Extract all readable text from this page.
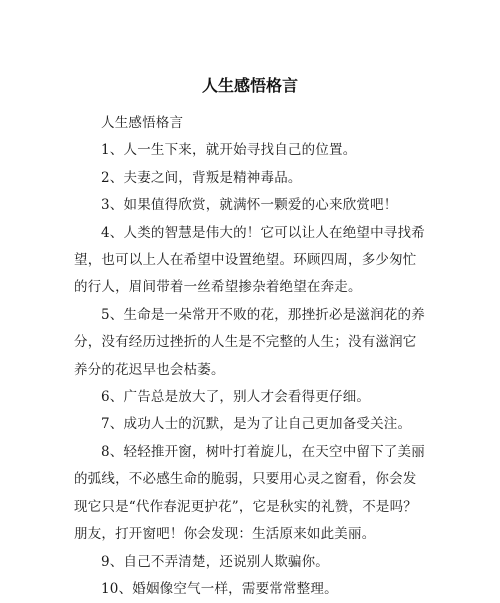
人生感悟格言

人生感悟格言

1、人一生下来，就开始寻找自己的位置。

2、夫妻之间，背叛是精神毒品。

3、如果值得欣赏，就满怀一颗爱的心来欣赏吧！

4、人类的智慧是伟大的！它可以让人在绝望中寻找希望，也可以上人在希望中设置绝望。环顾四周，多少匆忙的行人，眉间带着一丝希望掺杂着绝望在奔走。

5、生命是一朵常开不败的花，那挫折必是滋润花的养分，没有经历过挫折的人生是不完整的人生；没有滋润它养分的花迟早也会枯萎。

6、广告总是放大了，别人才会看得更仔细。

7、成功人士的沉默，是为了让自己更加备受关注。

8、轻轻推开窗，树叶打着旋儿，在天空中留下了美丽的弧线，不必感生命的脆弱，只要用心灵之窗看，你会发现它只是“代作春泥更护花”，它是秋实的礼赞，不是吗？朋友，打开窗吧！你会发现：生活原来如此美丽。

9、自己不弄清楚，还说别人欺骗你。

10、婚姻像空气一样，需要常常整理。
